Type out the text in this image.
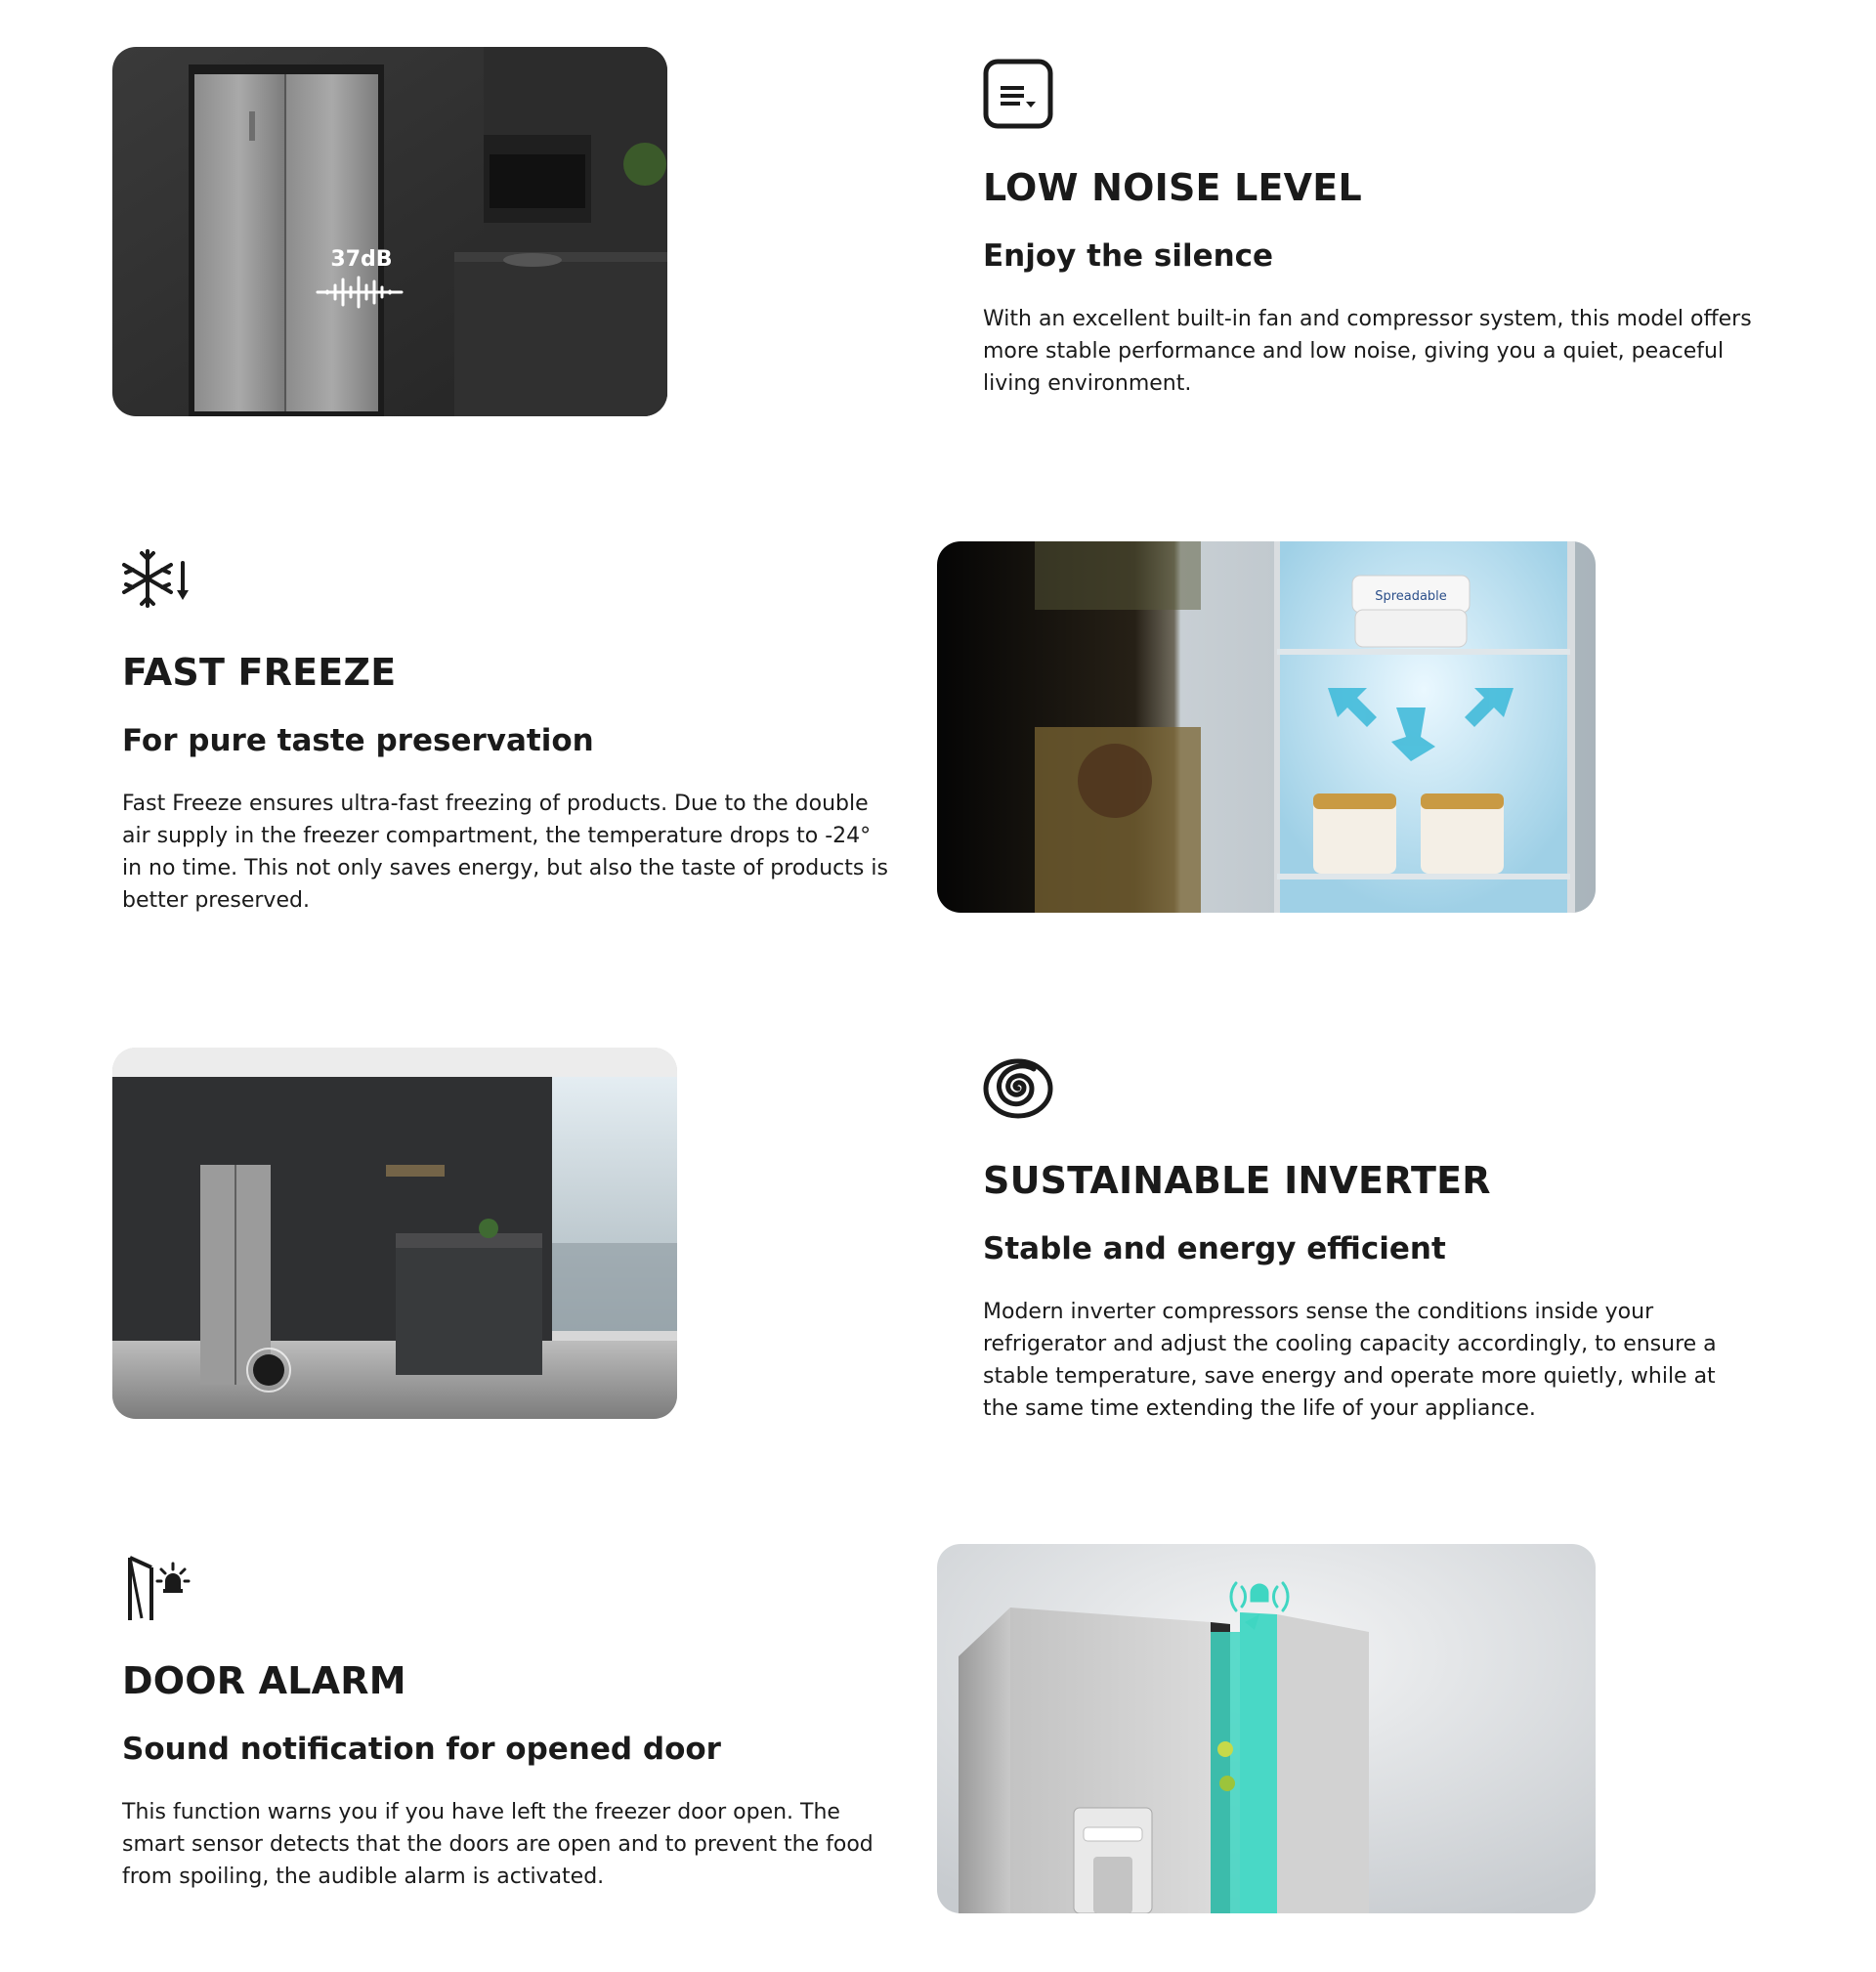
37dB
LOW NOISE LEVEL
Enjoy the silence

With an excellent built-in fan and compressor system, this model offers more stable performance and low noise, giving you a quiet, peaceful living environment.

FAST FREEZE
For pure taste preservation

Fast Freeze ensures ultra-fast freezing of products. Due to the double air supply in the freezer compartment, the temperature drops to -24° in no time. This not only saves energy, but also the taste of products is better preserved.

Spreadable
SUSTAINABLE INVERTER
Stable and energy efficient

Modern inverter compressors sense the conditions inside your refrigerator and adjust the cooling capacity accordingly, to ensure a stable temperature, save energy and operate more quietly, while at the same time extending the life of your appliance.

DOOR ALARM
Sound notification for opened door

This function warns you if you have left the freezer door open. The smart sensor detects that the doors are open and to prevent the food from spoiling, the audible alarm is activated.
